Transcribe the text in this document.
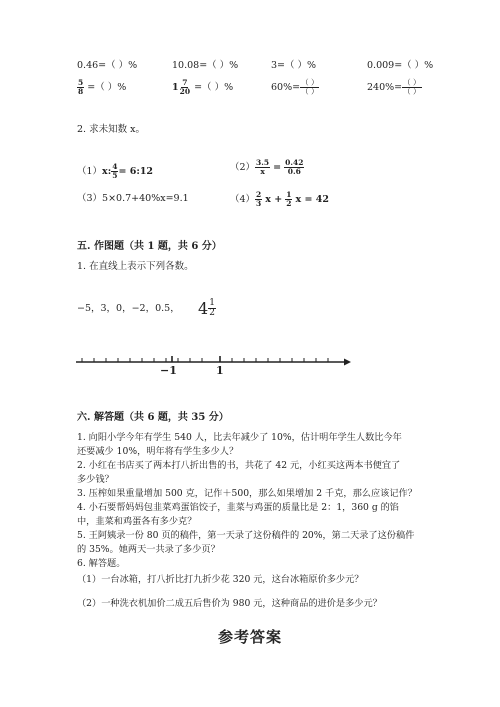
0.46=（ ）%	10.08=（ ）%	3=（ ）%	0.009=（ ）%
$\frac{5}{8}$ =（ ）%	$1 \frac{7}{20}$ =（ ）%	$60\%= \frac{( )}{( )}$	$240\%= \frac{( )}{( )}$
2. 求未知数 x。
（1）x: $\frac{4}{5}$ = 6:12	$(2) \frac{3.5}{x} = \frac{0.42}{0.6}$
（3）5×0.7+40%x=9.1	$(4) \frac{2}{3}$ $x + \frac{1}{2}$ x = 42
五. 作图题（共 1 题，共 6 分）
1. 在直线上表示下列各数。
−5，3，0，−2，0.5， $4 \frac{1}{2}$
−1	1
六. 解答题（共 6 题，共 35 分）
1. 向阳小学今年有学生 540 人，比去年减少了 10%，估计明年学生人数比今年
还要减少 10%，明年将有学生多少人？
2. 小红在书店买了两本打八折出售的书，共花了 42 元，小红买这两本书便宜了
多少钱？
3. 压榨如果重量增加 500 克，记作＋500，那么如果增加 2 千克，那么应该记作？
4. 小石要帮妈妈包韭菜鸡蛋馅饺子，韭菜与鸡蛋的质量比是 2：1，360 g 的馅
中，韭菜和鸡蛋各有多少克？
5. 王阿姨录一份 80 页的稿件，第一天录了这份稿件的 20%，第二天录了这份稿件
的 35%。她两天一共录了多少页？
6. 解答题。
（1）一台冰箱，打八折比打九折少花 320 元，这台冰箱原价多少元？
（2）一种洗衣机加价二成五后售价为 980 元，这种商品的进价是多少元？
参考答案
